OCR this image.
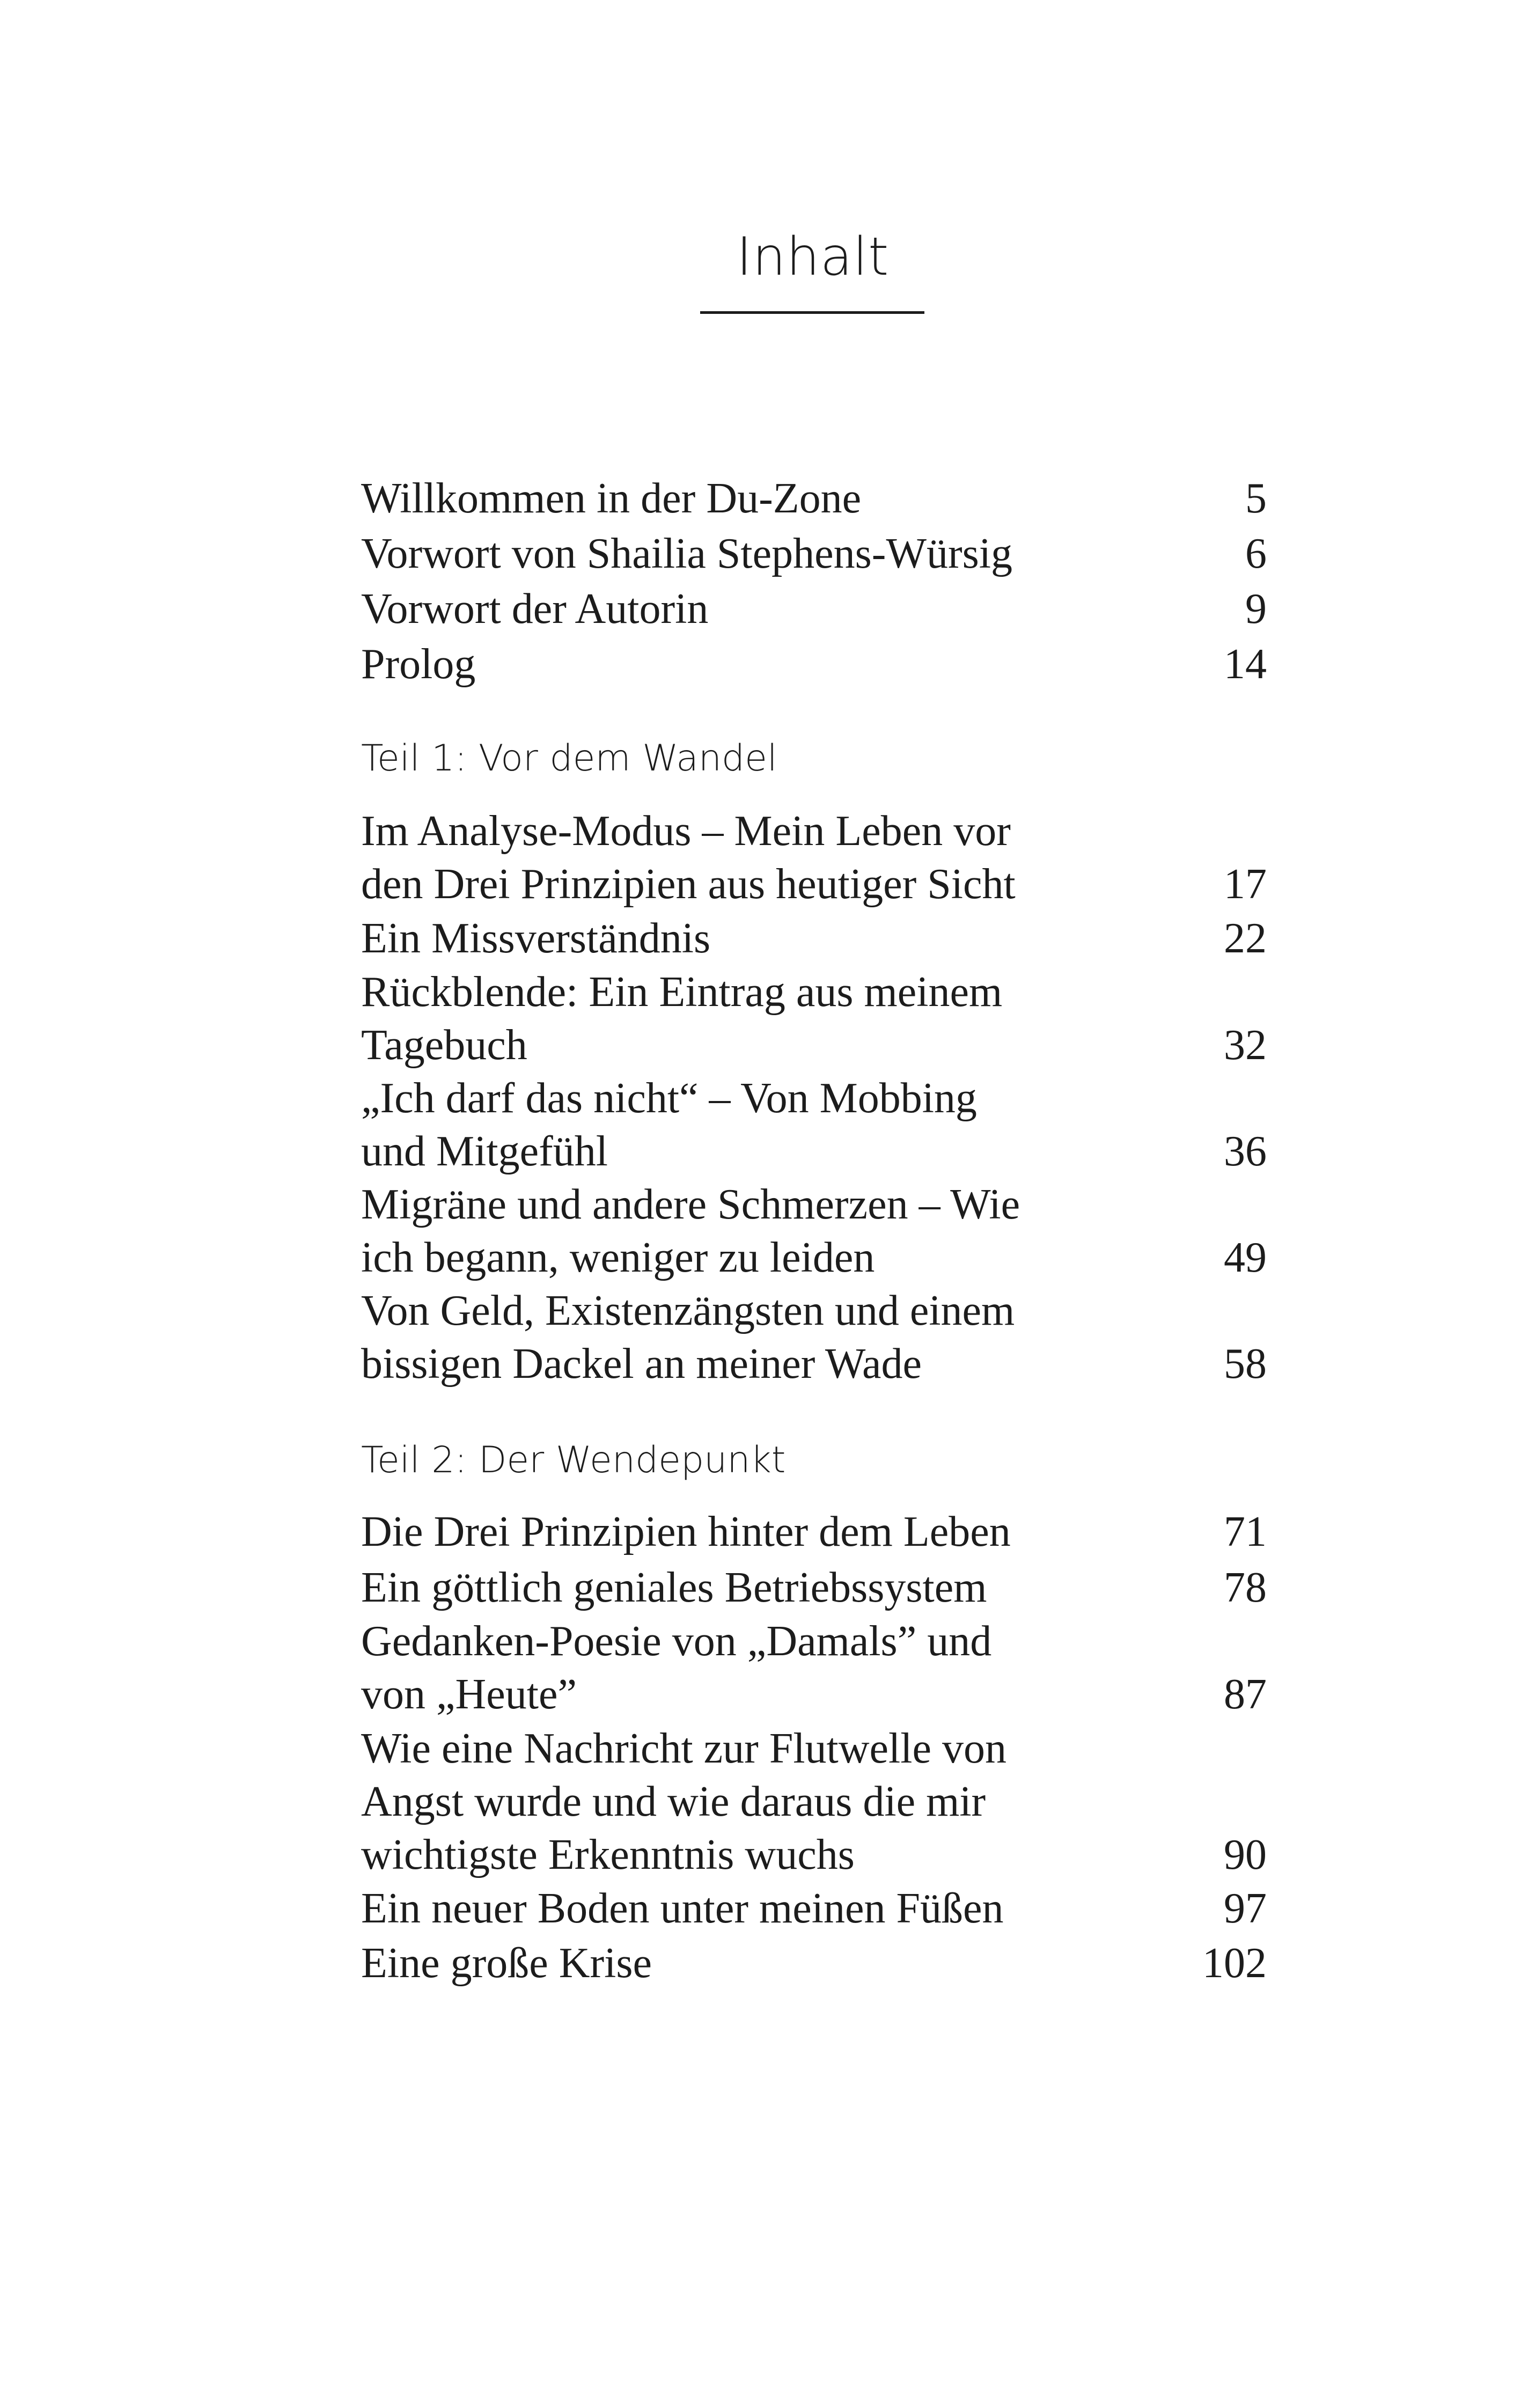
Inhalt
Willkommen in der Du-Zone	5
Vorwort von Shailia Stephens-Würsig	6
Vorwort der Autorin	9
Prolog	14
Teil 1: Vor dem Wandel
Im Analyse-Modus – Mein Leben vor
den Drei Prinzipien aus heutiger Sicht	17
Ein Missverständnis	22
Rückblende: Ein Eintrag aus meinem
Tagebuch	32
„Ich darf das nicht“ – Von Mobbing
und Mitgefühl	36
Migräne und andere Schmerzen – Wie
ich begann, weniger zu leiden	49
Von Geld, Existenzängsten und einem
bissigen Dackel an meiner Wade	58
Teil 2: Der Wendepunkt
Die Drei Prinzipien hinter dem Leben	71
Ein göttlich geniales Betriebssystem	78
Gedanken-Poesie von „Damals” und
von „Heute”	87
Wie eine Nachricht zur Flutwelle von
Angst wurde und wie daraus die mir
wichtigste Erkenntnis wuchs	90
Ein neuer Boden unter meinen Füßen	97
Eine große Krise	102
